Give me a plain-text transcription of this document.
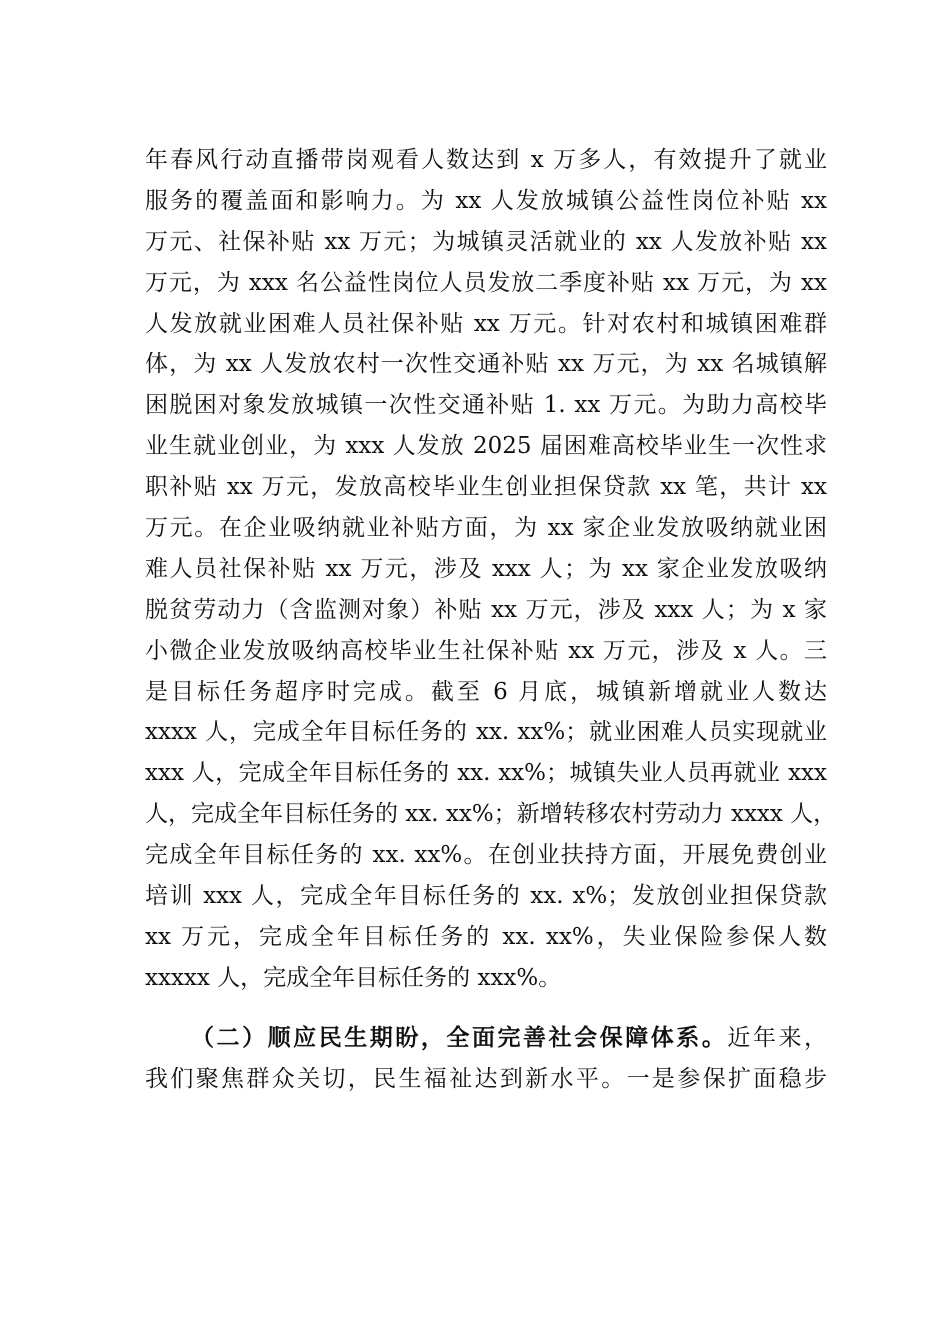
年春风行动直播带岗观看人数达到 x 万多人，有效提升了就业
服务的覆盖面和影响力。为 xx 人发放城镇公益性岗位补贴 xx
万元、社保补贴 xx 万元；为城镇灵活就业的 xx 人发放补贴 xx
万元，为 xxx 名公益性岗位人员发放二季度补贴 xx 万元，为 xx
人发放就业困难人员社保补贴 xx 万元。针对农村和城镇困难群
体，为 xx 人发放农村一次性交通补贴 xx 万元，为 xx 名城镇解
困脱困对象发放城镇一次性交通补贴 1. xx 万元。为助力高校毕
业生就业创业，为 xxx 人发放 2025 届困难高校毕业生一次性求
职补贴 xx 万元，发放高校毕业生创业担保贷款 xx 笔，共计 xx
万元。在企业吸纳就业补贴方面，为 xx 家企业发放吸纳就业困
难人员社保补贴 xx 万元，涉及 xxx 人；为 xx 家企业发放吸纳
脱贫劳动力（含监测对象）补贴 xx 万元，涉及 xxx 人；为 x 家
小微企业发放吸纳高校毕业生社保补贴 xx 万元，涉及 x 人。三
是目标任务超序时完成。截至 6 月底，城镇新增就业人数达
xxxx 人，完成全年目标任务的 xx. xx%；就业困难人员实现就业
xxx 人，完成全年目标任务的 xx. xx%；城镇失业人员再就业 xxx
人，完成全年目标任务的 xx. xx%；新增转移农村劳动力 xxxx 人，
完成全年目标任务的 xx. xx%。在创业扶持方面，开展免费创业
培训 xxx 人，完成全年目标任务的 xx. x%；发放创业担保贷款
xx 万元，完成全年目标任务的 xx. xx%，失业保险参保人数
xxxxx 人，完成全年目标任务的 xxx%。
（二）顺应民生期盼，全面完善社会保障体系。近年来，
我们聚焦群众关切，民生福祉达到新水平。一是参保扩面稳步
